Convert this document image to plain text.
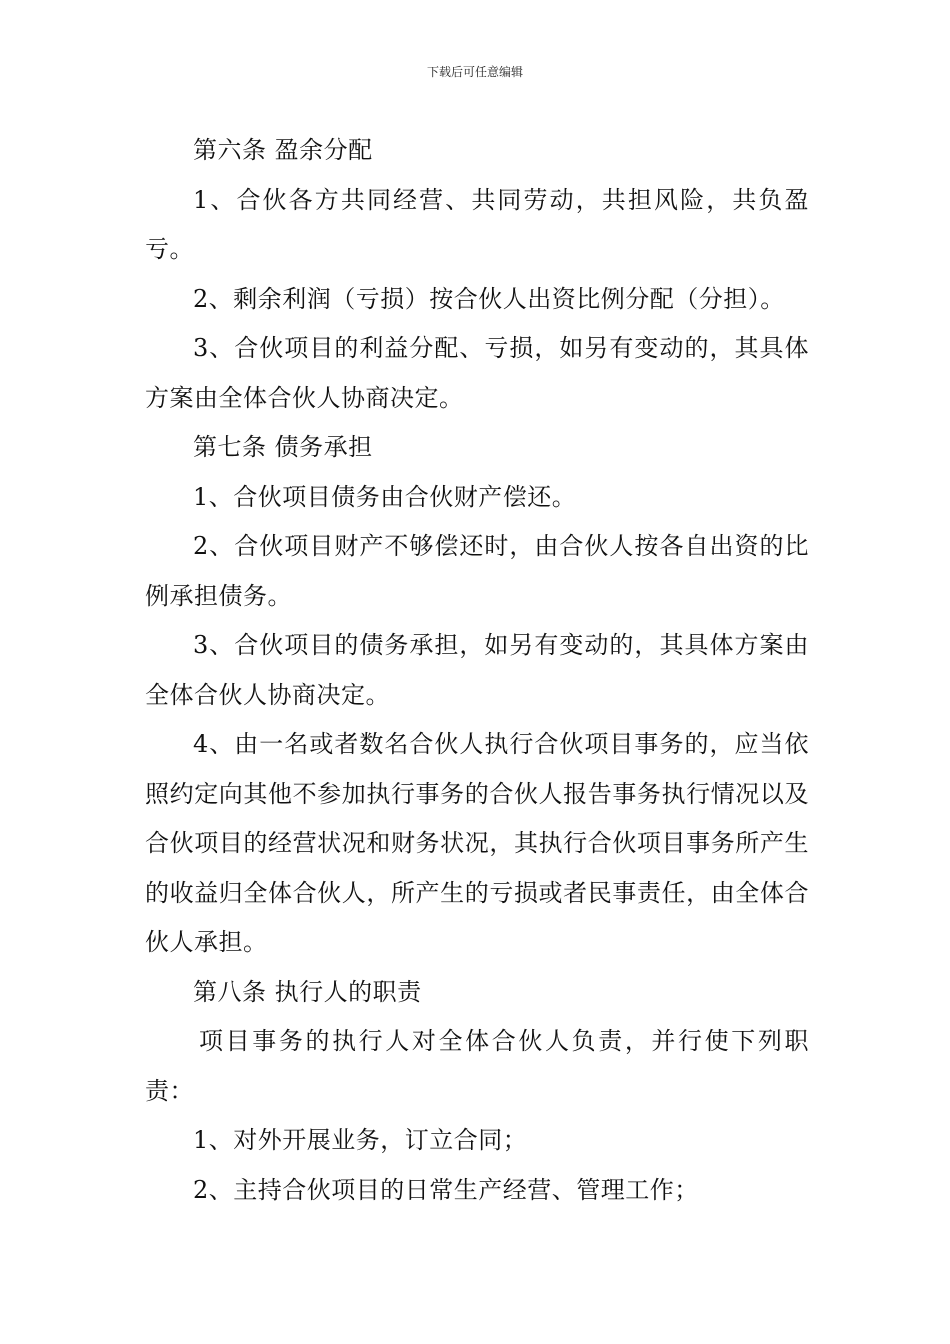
下载后可任意编辑

第六条 盈余分配

1、合伙各方共同经营、共同劳动，共担风险，共负盈亏。

2、剩余利润（亏损）按合伙人出资比例分配（分担）。

3、合伙项目的利益分配、亏损，如另有变动的，其具体方案由全体合伙人协商决定。

第七条 债务承担

1、合伙项目债务由合伙财产偿还。

2、合伙项目财产不够偿还时，由合伙人按各自出资的比例承担债务。

3、合伙项目的债务承担，如另有变动的，其具体方案由全体合伙人协商决定。

4、由一名或者数名合伙人执行合伙项目事务的，应当依照约定向其他不参加执行事务的合伙人报告事务执行情况以及合伙项目的经营状况和财务状况，其执行合伙项目事务所产生的收益归全体合伙人，所产生的亏损或者民事责任，由全体合伙人承担。

第八条 执行人的职责

项目事务的执行人对全体合伙人负责，并行使下列职责：

1、对外开展业务，订立合同；

2、主持合伙项目的日常生产经营、管理工作；
